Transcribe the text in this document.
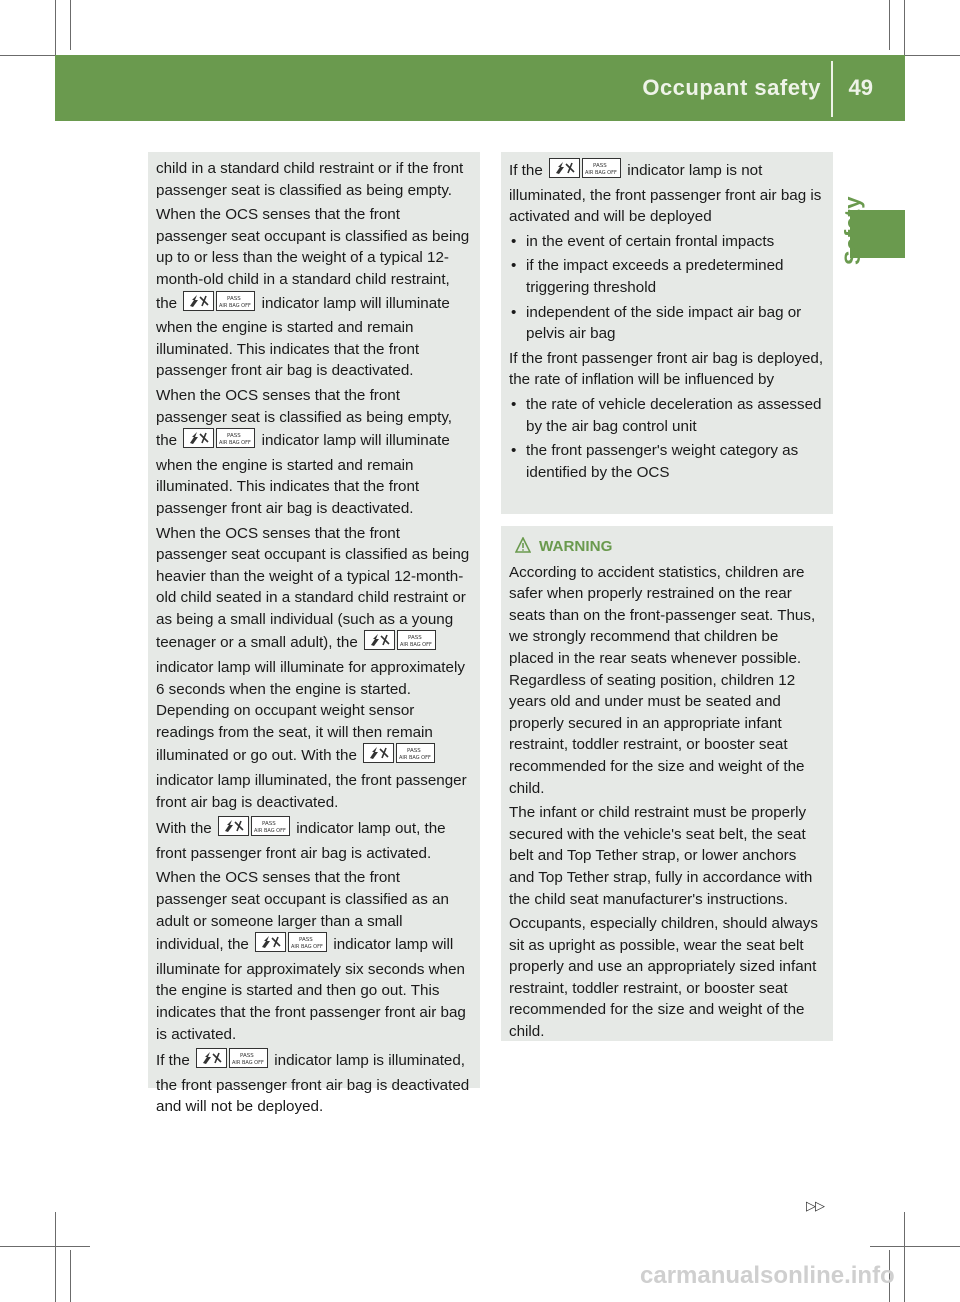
Occupant safety 49
Safety

child in a standard child restraint or if the front passenger seat is classified as being empty.

When the OCS senses that the front passenger seat occupant is classified as being up to or less than the weight of a typical 12-month-old child in a standard child restraint, the	PASS
AIR BAG OFF indicator lamp will illuminate when the engine is started and remain illuminated. This indicates that the front passenger front air bag is deactivated.

When the OCS senses that the front passenger seat is classified as being empty, the	PASS
AIR BAG OFF indicator lamp will illuminate when the engine is started and remain illuminated. This indicates that the front passenger front air bag is deactivated.

When the OCS senses that the front passenger seat occupant is classified as being heavier than the weight of a typical 12-month-old child seated in a standard child restraint or as being a small individual (such as a young teenager or a small adult), the	PASS
AIR BAG OFF
indicator lamp will illuminate for approximately 6 seconds when the engine is started. Depending on occupant weight sensor readings from the seat, it will then remain illuminated or go out. With the	PASS
AIR BAG OFF
indicator lamp illuminated, the front passenger front air bag is deactivated.

With the	PASS
AIR BAG OFF indicator lamp out, the front passenger front air bag is activated.

When the OCS senses that the front passenger seat occupant is classified as an adult or someone larger than a small individual, the	PASS
AIR BAG OFF indicator lamp will illuminate for approximately six seconds when the engine is started and then go out. This indicates that the front passenger front air bag is activated.

If the	PASS
AIR BAG OFF indicator lamp is illuminated, the front passenger front air bag is deactivated and will not be deployed.

If the	PASS
AIR BAG OFF indicator lamp is not illuminated, the front passenger front air bag is activated and will be deployed

• in the event of certain frontal impacts
• if the impact exceeds a predetermined triggering threshold
• independent of the side impact air bag or pelvis air bag

If the front passenger front air bag is deployed, the rate of inflation will be influenced by

• the rate of vehicle deceleration as assessed by the air bag control unit
• the front passenger's weight category as identified by the OCS
WARNING

According to accident statistics, children are safer when properly restrained on the rear seats than on the front-passenger seat. Thus, we strongly recommend that children be placed in the rear seats whenever possible. Regardless of seating position, children 12 years old and under must be seated and properly secured in an appropriate infant restraint, toddler restraint, or booster seat recommended for the size and weight of the child.

The infant or child restraint must be properly secured with the vehicle's seat belt, the seat belt and Top Tether strap, or lower anchors and Top Tether strap, fully in accordance with the child seat manufacturer's instructions.

Occupants, especially children, should always sit as upright as possible, wear the seat belt properly and use an appropriately sized infant restraint, toddler restraint, or booster seat recommended for the size and weight of the child.

▷▷
carmanualsonline.info
